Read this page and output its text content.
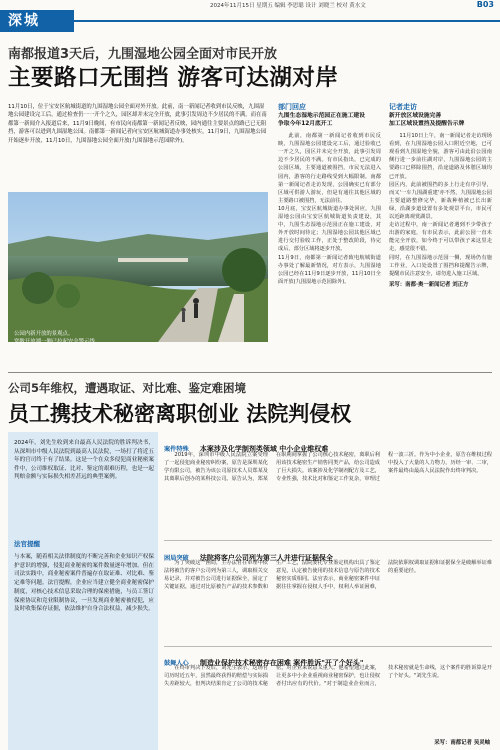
2024年11月15日 星期五 编辑 李思聪 设计 刘晓兰 校对 黄水文	B03
深城
南都报道3天后，九围湿地公园全面对市民开放
主要路口无围挡 游客可达湖对岸
11月10日，位于宝安区航城街道的九围湿地公园全面对外开放。此前，南一新闻记者收到市民反映，九围湿地公园建设完工后，通过检查仍一一开个之久，园区却并未完全开放，此事引发周边不少居民的不满。而在南都第一新闻介入报道后来，11月9日晚间，有市民向南都第一新闻记者反映，园内通往主要景点的路已已无阻挡，游客可以进到九围湿地公园。南都第一新闻记者向宝安区航城街道办事处核实，11月9日，九围湿地公园开始逐步开放，11月10日，九围湿地公园全面开放(九围湿地示范园除外)。
公园内新开放的景观点。
宽敞开放湖一侧已拉起安全警示线。
部门回应
九围生态湿地示范园正在施工建设
争取今年12月底开工
此前，南都第一新闻记者收到市民反映，九围湿地公园建设完工后，通过验收已一开之久，园区并未完全开放，此事引发周边不少居民的不满。有市民指出，已完成的公园区域，主要通道被围挡，市民无法进入园内，游客的行走路线受到大幅限制。南都第一新闻记者走访发现，公园确实已有部分区域可供游人游玩，但是有通往其他区域的主要路口被围挡，无法前往。
10月底，宝安区航城街道办事处回应，九围湿地公园由宝安区航城街道负责建设，其中，九围生态湿地示范园正在施工建设，对外开放时间待定；九围湿地公园其他区域已进行交付验收工作，正处于整改阶段，待完成后，部分区域将逐步开放。
11月9日，南都第一新闻记者致电航城街道办事处了解最新情况，对方表示，九围湿地公园已经在11月9日逐步开放，11月10日全面开放(九围湿地示范园除外)。
记者走访
新开放区域设施完善
加工区域设置挡及提醒告示牌
11月10日上午，南一新闻记者走访现场看到，在九围湿地公园入口附近空地，已可观看到九围湿地全貌，游客可由此沿公园南侧行进一步前往湖对岸，九围湿地公园的主要路口已移除围挡，沿途道路及休憩区域均已开放。
园区内，此前被围挡的多上行走有序引导，而又'一车九围湖重建'亦不然，九围湿地公园主要道路整修完毕，新栽种植被已长出新绿，沿湖步道设置有多处观景平台，市民可以近距离观赏湖景。
走访过程中，南一新闻记者遇到不少带孩子出游的家庭，有市民表示，此前公园一直未能完全开放，如今终于可以带孩子来这里走走，感觉很不错。
同时，在九围湿地示范园一侧，现场仍有施工作业，入口处设置了围挡和提醒告示牌，提醒市民注意安全，请勿进入施工区域。
采写：南都·奥一新闻记者 刘正方
公司5年维权，遭遇取证、对比难、鉴定难困境
员工携技术秘密离职创业 法院判侵权
2024年，刘先生收到来自最高人民法院的胜诉判决书，从深圳市中级人民法院到最高人民法院，一场打了将近五年的官司终于有了结果。这是一个在众多侵犯商业秘密案件中，公司维权取证、比对、鉴定的艰难历程，也是一起判赔金额与实际损失相差甚远的典型案例。
法官提醒
与本案，随着相关法律制度的不断完善和企业知识产权保护意识的增强，侵犯商业秘密的案件数量逐年增加。但在司法实践中，商业秘密案件普遍存在取证难、对比难、鉴定难等问题。法官提醒，企业应当建立健全商业秘密保护制度，对核心技术信息采取合理的保密措施，与员工签订保密协议和竞业限制协议，一旦发现商业秘密被侵犯，应及时收集保存证据，依法维护自身合法权益，减少损失。
案件特殊 本案涉及化学制剂类领域 中小企业维权难
2019年，深圳市中级人民法院立案受理了一起侵犯商业秘密纠纷案，原告是深圳某化学有限公司，被告为该公司原技术人员郑某及其离职后创办的某科技公司。原告认为，郑某在职期间掌握了公司核心技术秘密，离职后利用该技术秘密生产销售同类产品，给公司造成了巨大损失。该案涉及化学制剂配方及工艺，专业性强，技术比对和鉴定工作复杂，审理过程一波三折。作为中小企业，原告在维权过程中投入了大量的人力物力，历经一审、二审，案件最终由最高人民法院作出终审判决。
困局突破 法院将客户公司列为第三人并进行证据保全
为了突破这一困局，主办法官在审理中依法将被告的客户公司列为第三人，调取相关交易记录，并对被告公司进行证据保全，固定了关键证据。通过对比原被告产品的技术参数和生产工艺，法院委托专业鉴定机构出具了鉴定意见，认定被告使用的技术信息与原告的技术秘密实质相同。法官表示，商业秘密案件中证据往往掌握在侵权人手中，权利人举证困难，法院依职权调取证据和证据保全是破解举证难的重要途径。
鼓舞人心 制造业保护技术秘密存在困难 案件胜诉"开了个好头"
在终审判决下发后，刘先生表示，这场官司历时近五年，虽然最终获得的赔偿与实际损失差距较大，但判决结果肯定了公司的技术秘密，对企业来说意义重大。他希望通过此案，让更多中小企业重视商业秘密保护，也让侵权者付出应有的代价。"对于制造业企业而言，技术秘密就是生命线，这个案件的胜诉算是开了个好头。"刘先生说。
采写：南都记者 吴灵岫
